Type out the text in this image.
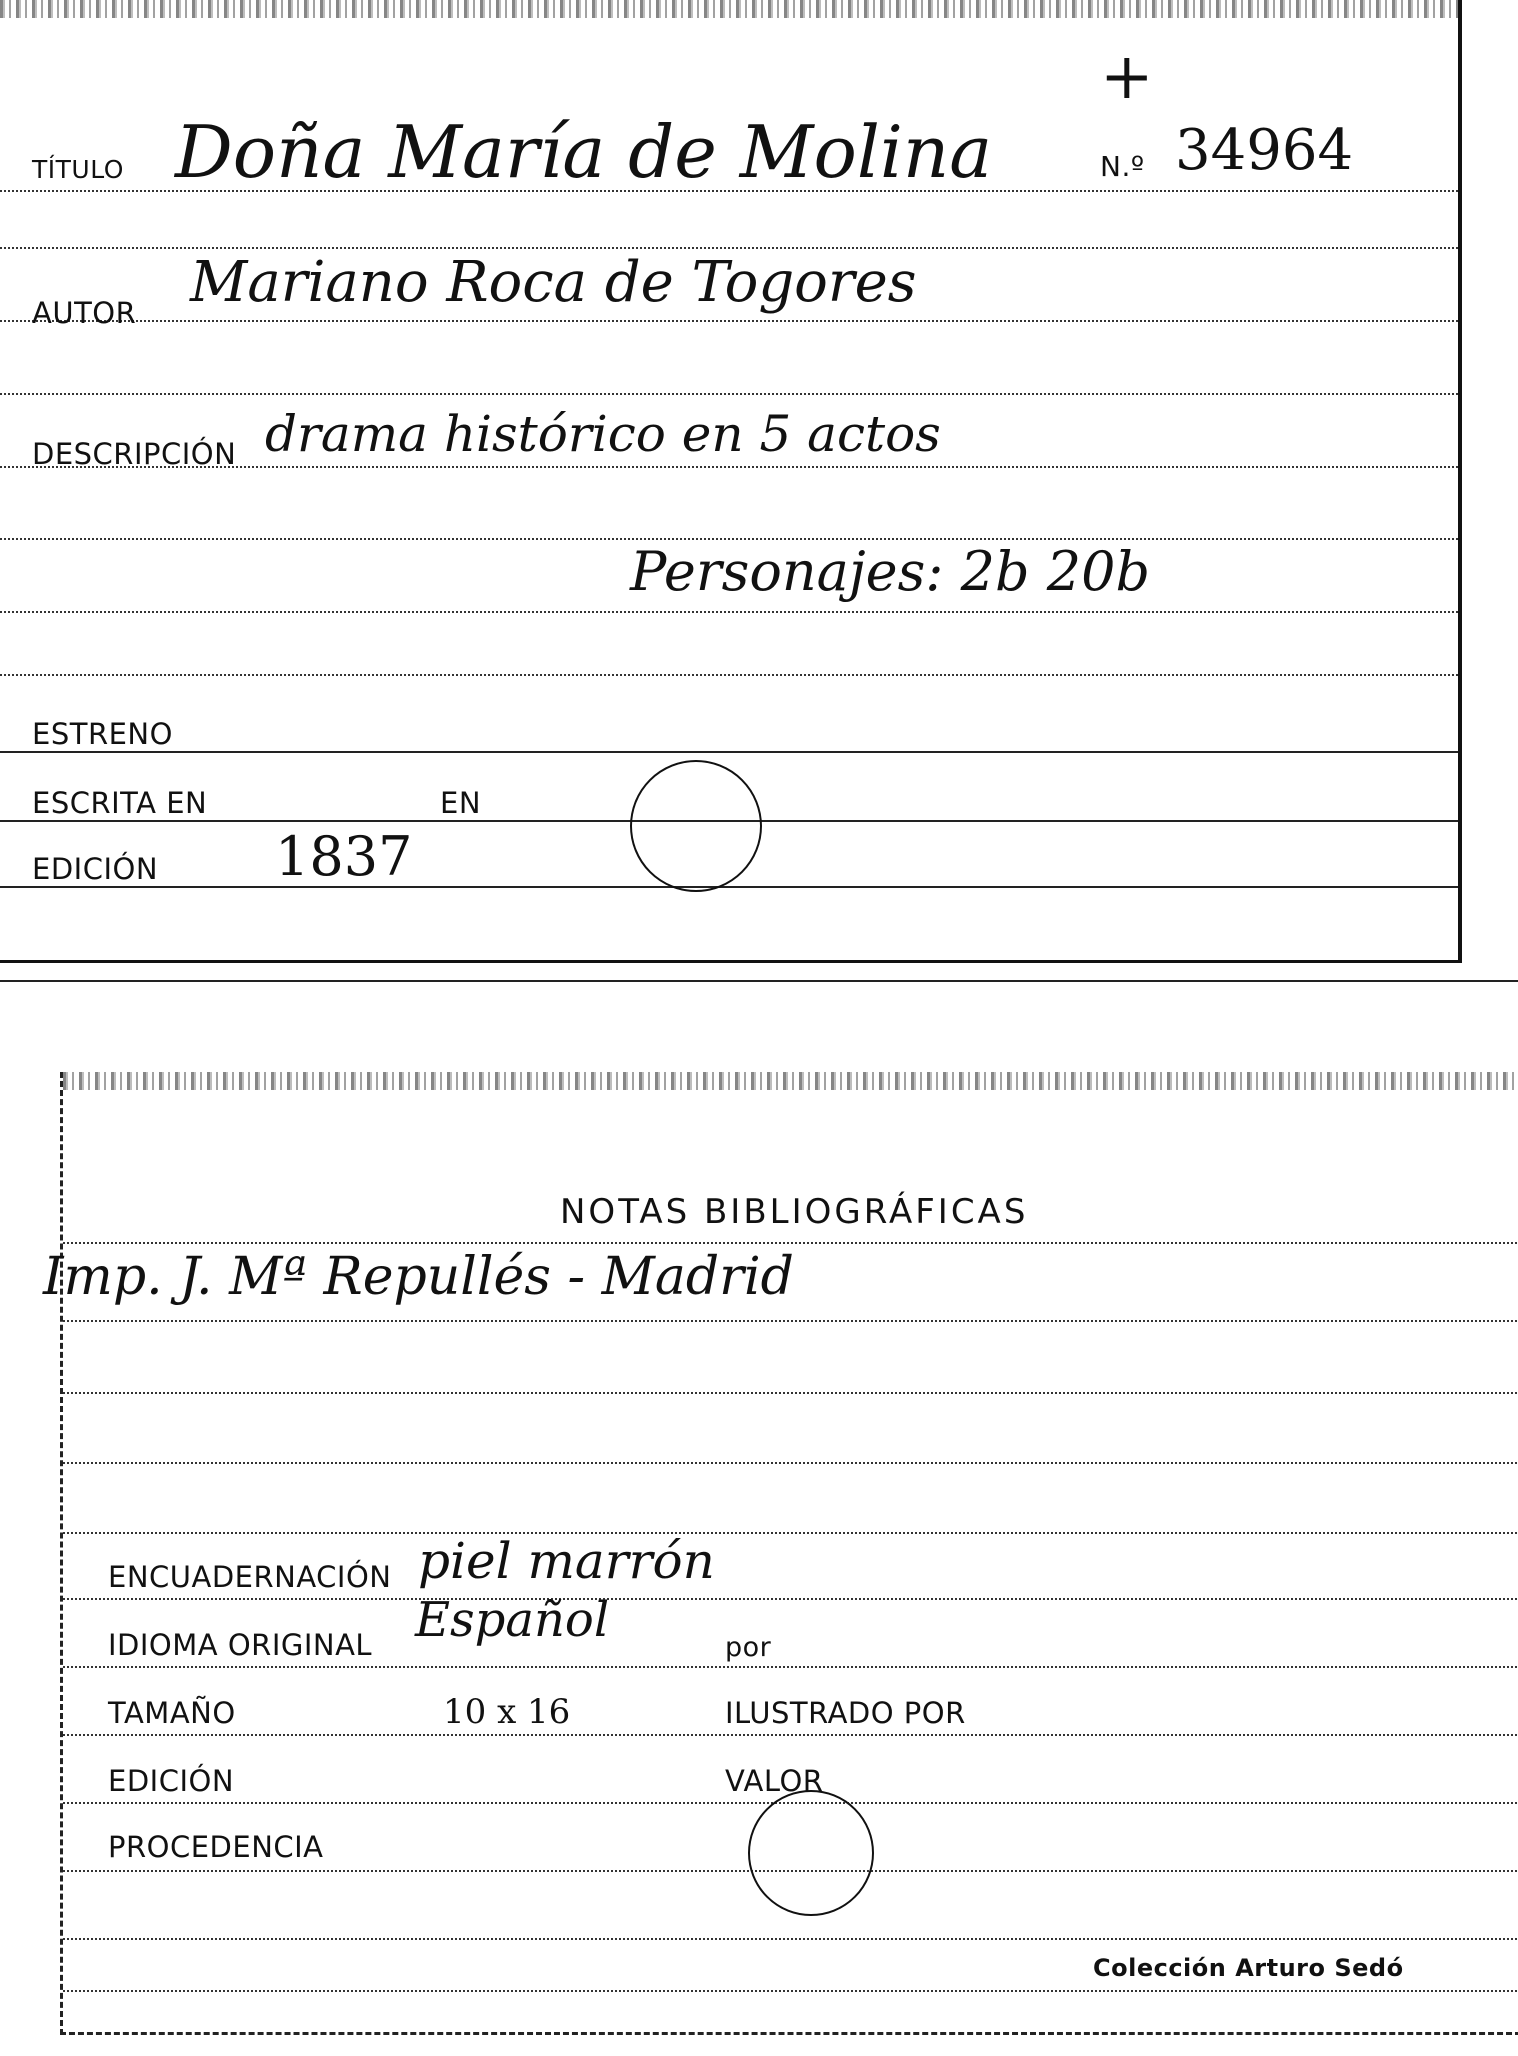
TÍTULO Doña María de Molina
+
N.º 34964
AUTOR Mariano Roca de Togores
DESCRIPCIÓN drama histórico en 5 actos
Personajes: 2b 20b
ESTRENO
ESCRITA EN	EN
EDICIÓN 1837
NOTAS BIBLIOGRÁFICAS
Imp. J. Mª Repullés - Madrid
ENCUADERNACIÓN piel marrón
IDIOMA ORIGINAL Español	por
TAMAÑO	10 x 16	ILUSTRADO POR
EDICIÓN	VALOR
PROCEDENCIA
Colección Arturo Sedó
